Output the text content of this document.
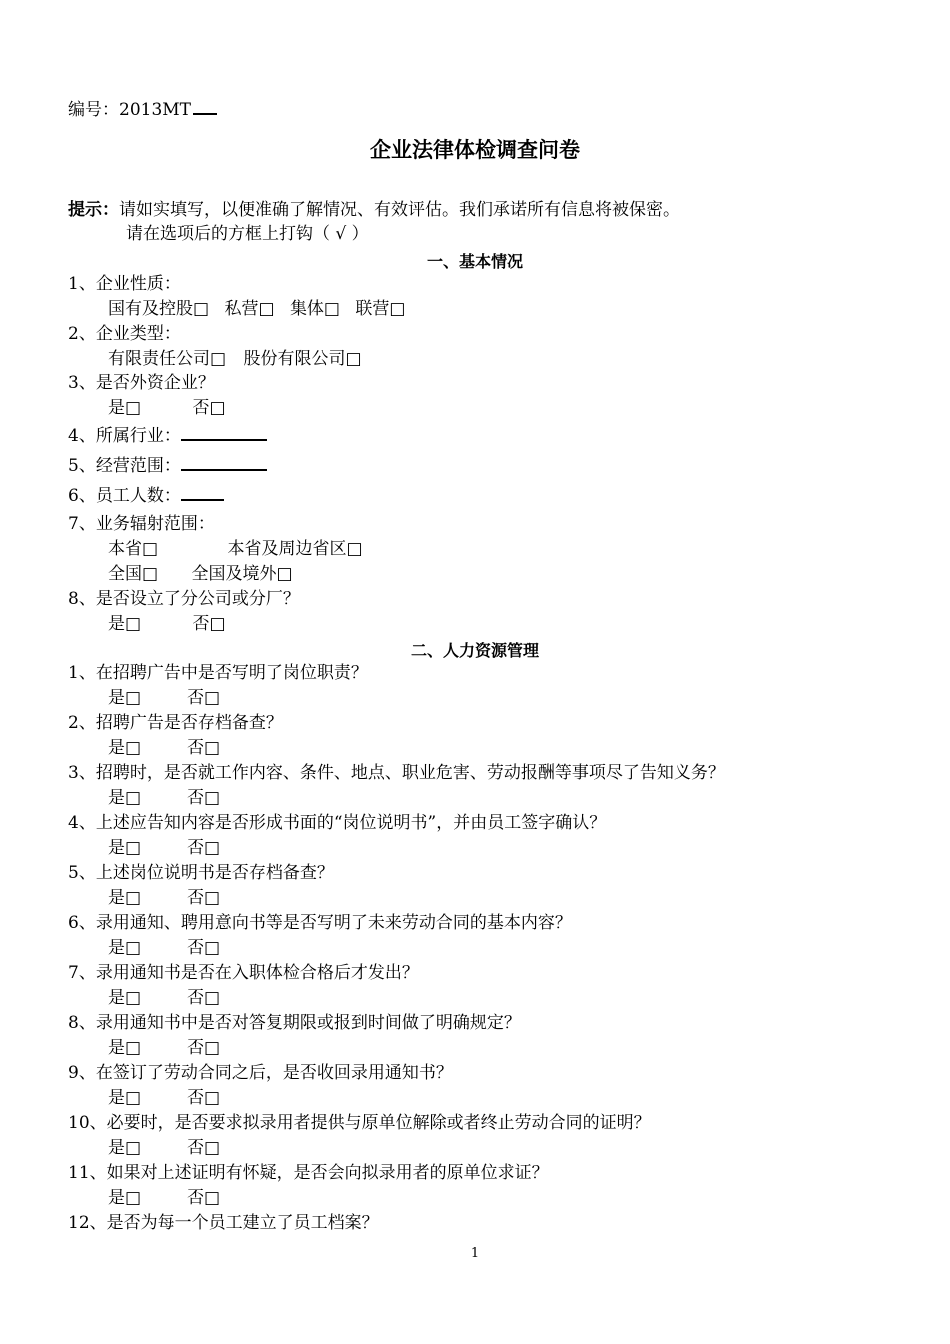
编号：2013MT
企业法律体检调查问卷
提示：请如实填写，以便准确了解情况、有效评估。我们承诺所有信息将被保密。
请在选项后的方框上打钩（ √ ）
一、基本情况
1、企业性质：
国有及控股□ 私营□ 集体□ 联营□
2、企业类型：
有限责任公司□ 股份有限公司□
3、是否外资企业？
是□	否□
4、所属行业：
5、经营范围：
6、员工人数：
7、业务辐射范围：
本省□	本省及周边省区□
全国□ 全国及境外□
8、是否设立了分公司或分厂？
是□	否□
二、人力资源管理
1、在招聘广告中是否写明了岗位职责？
是□	否□
2、招聘广告是否存档备查？
是□	否□
3、招聘时，是否就工作内容、条件、地点、职业危害、劳动报酬等事项尽了告知义务？
是□	否□
4、上述应告知内容是否形成书面的“岗位说明书”，并由员工签字确认？
是□	否□
5、上述岗位说明书是否存档备查？
是□	否□
6、录用通知、聘用意向书等是否写明了未来劳动合同的基本内容？
是□	否□
7、录用通知书是否在入职体检合格后才发出？
是□	否□
8、录用通知书中是否对答复期限或报到时间做了明确规定？
是□	否□
9、在签订了劳动合同之后，是否收回录用通知书？
是□	否□
10、必要时，是否要求拟录用者提供与原单位解除或者终止劳动合同的证明？
是□	否□
11、如果对上述证明有怀疑，是否会向拟录用者的原单位求证？
是□	否□
12、是否为每一个员工建立了员工档案？
1
